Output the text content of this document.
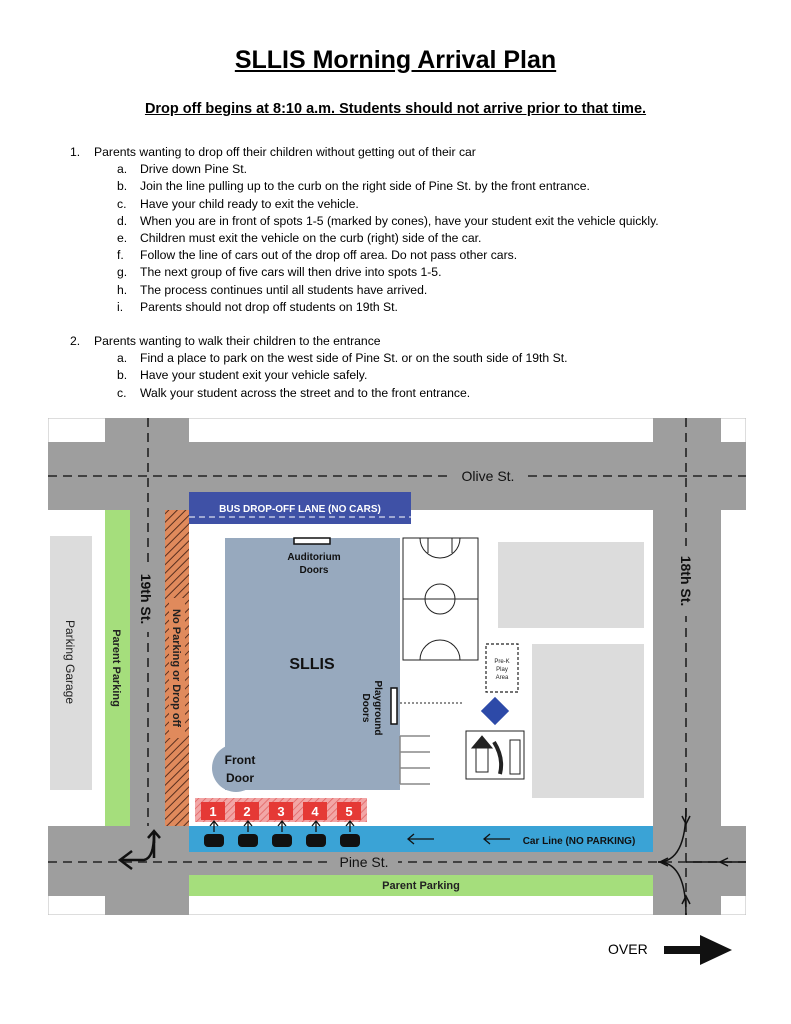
SLLIS Morning Arrival Plan
Drop off begins at 8:10 a.m. Students should not arrive prior to that time.
1. Parents wanting to drop off their children without getting out of their car
a. Drive down Pine St.
b. Join the line pulling up to the curb on the right side of Pine St. by the front entrance.
c. Have your child ready to exit the vehicle.
d. When you are in front of spots 1-5 (marked by cones), have your student exit the vehicle quickly.
e. Children must exit the vehicle on the curb (right) side of the car.
f. Follow the line of cars out of the drop off area. Do not pass other cars.
g. The next group of five cars will then drive into spots 1-5.
h. The process continues until all students have arrived.
i. Parents should not drop off students on 19th St.
2. Parents wanting to walk their children to the entrance
a. Find a place to park on the west side of Pine St. or on the south side of 19th St.
b. Have your student exit your vehicle safely.
c. Walk your student across the street and to the front entrance.
Olive St.
Pine St.
18th St.
19th St.
Parking Garage	Parent Parking	No Parking or Drop off
BUS DROP-OFF LANE (NO CARS)
SLLIS
Auditorium
Doors
Playground
Doors
Front
Door
Pre-K
Play
Area
1 2 3 4 5
Car Line (NO PARKING)
Parent Parking
OVER
